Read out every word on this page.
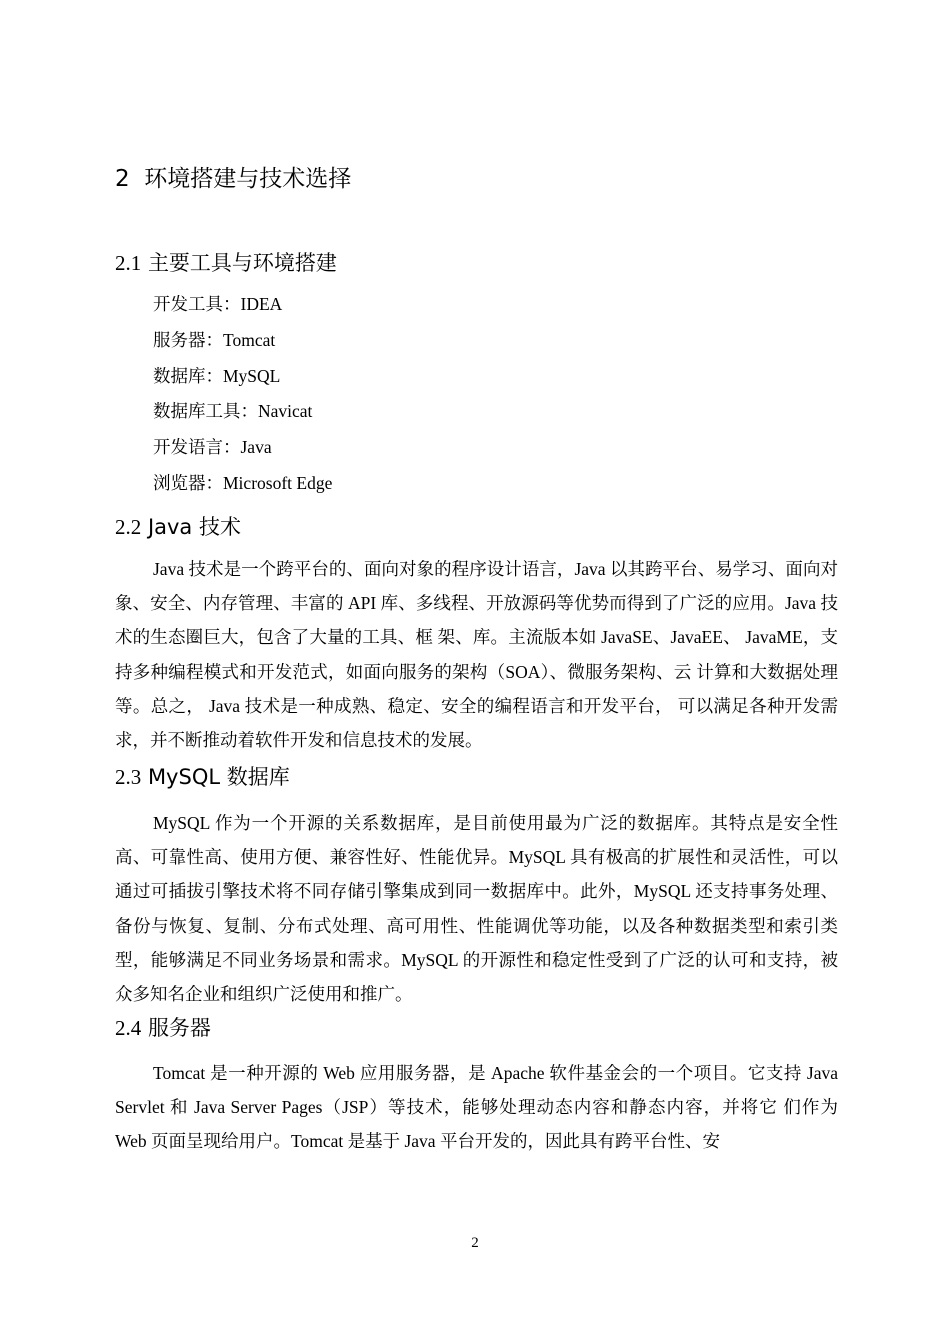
2 环境搭建与技术选择
2.1 主要工具与环境搭建
开发工具：IDEA
服务器：Tomcat
数据库：MySQL
数据库工具：Navicat
开发语言：Java
浏览器：Microsoft Edge
2.2 Java 技术

Java 技术是一个跨平台的、面向对象的程序设计语言，Java 以其跨平台、易学习、面向对象、安全、内存管理、丰富的 API 库、多线程、开放源码等优势而得到了广泛的应用。Java 技术的生态圈巨大，包含了大量的工具、框 架、库。主流版本如 JavaSE、JavaEE、 JavaME，支持多种编程模式和开发范式，如面向服务的架构（SOA）、微服务架构、云 计算和大数据处理等。总之， Java 技术是一种成熟、稳定、安全的编程语言和开发平台， 可以满足各种开发需求，并不断推动着软件开发和信息技术的发展。

2.3 MySQL 数据库

MySQL 作为一个开源的关系数据库，是目前使用最为广泛的数据库。其特点是安全性高、可靠性高、使用方便、兼容性好、性能优异。MySQL 具有极高的扩展性和灵活性，可以通过可插拔引擎技术将不同存储引擎集成到同一数据库中。此外，MySQL 还支持事务处理、备份与恢复、复制、分布式处理、高可用性、性能调优等功能，以及各种数据类型和索引类型，能够满足不同业务场景和需求。MySQL 的开源性和稳定性受到了广泛的认可和支持，被众多知名企业和组织广泛使用和推广。

2.4 服务器

Tomcat 是一种开源的 Web 应用服务器，是 Apache 软件基金会的一个项目。它支持 Java Servlet 和 Java Server Pages（JSP）等技术，能够处理动态内容和静态内容，并将它 们作为 Web 页面呈现给用户。Tomcat 是基于 Java 平台开发的，因此具有跨平台性、安

2
